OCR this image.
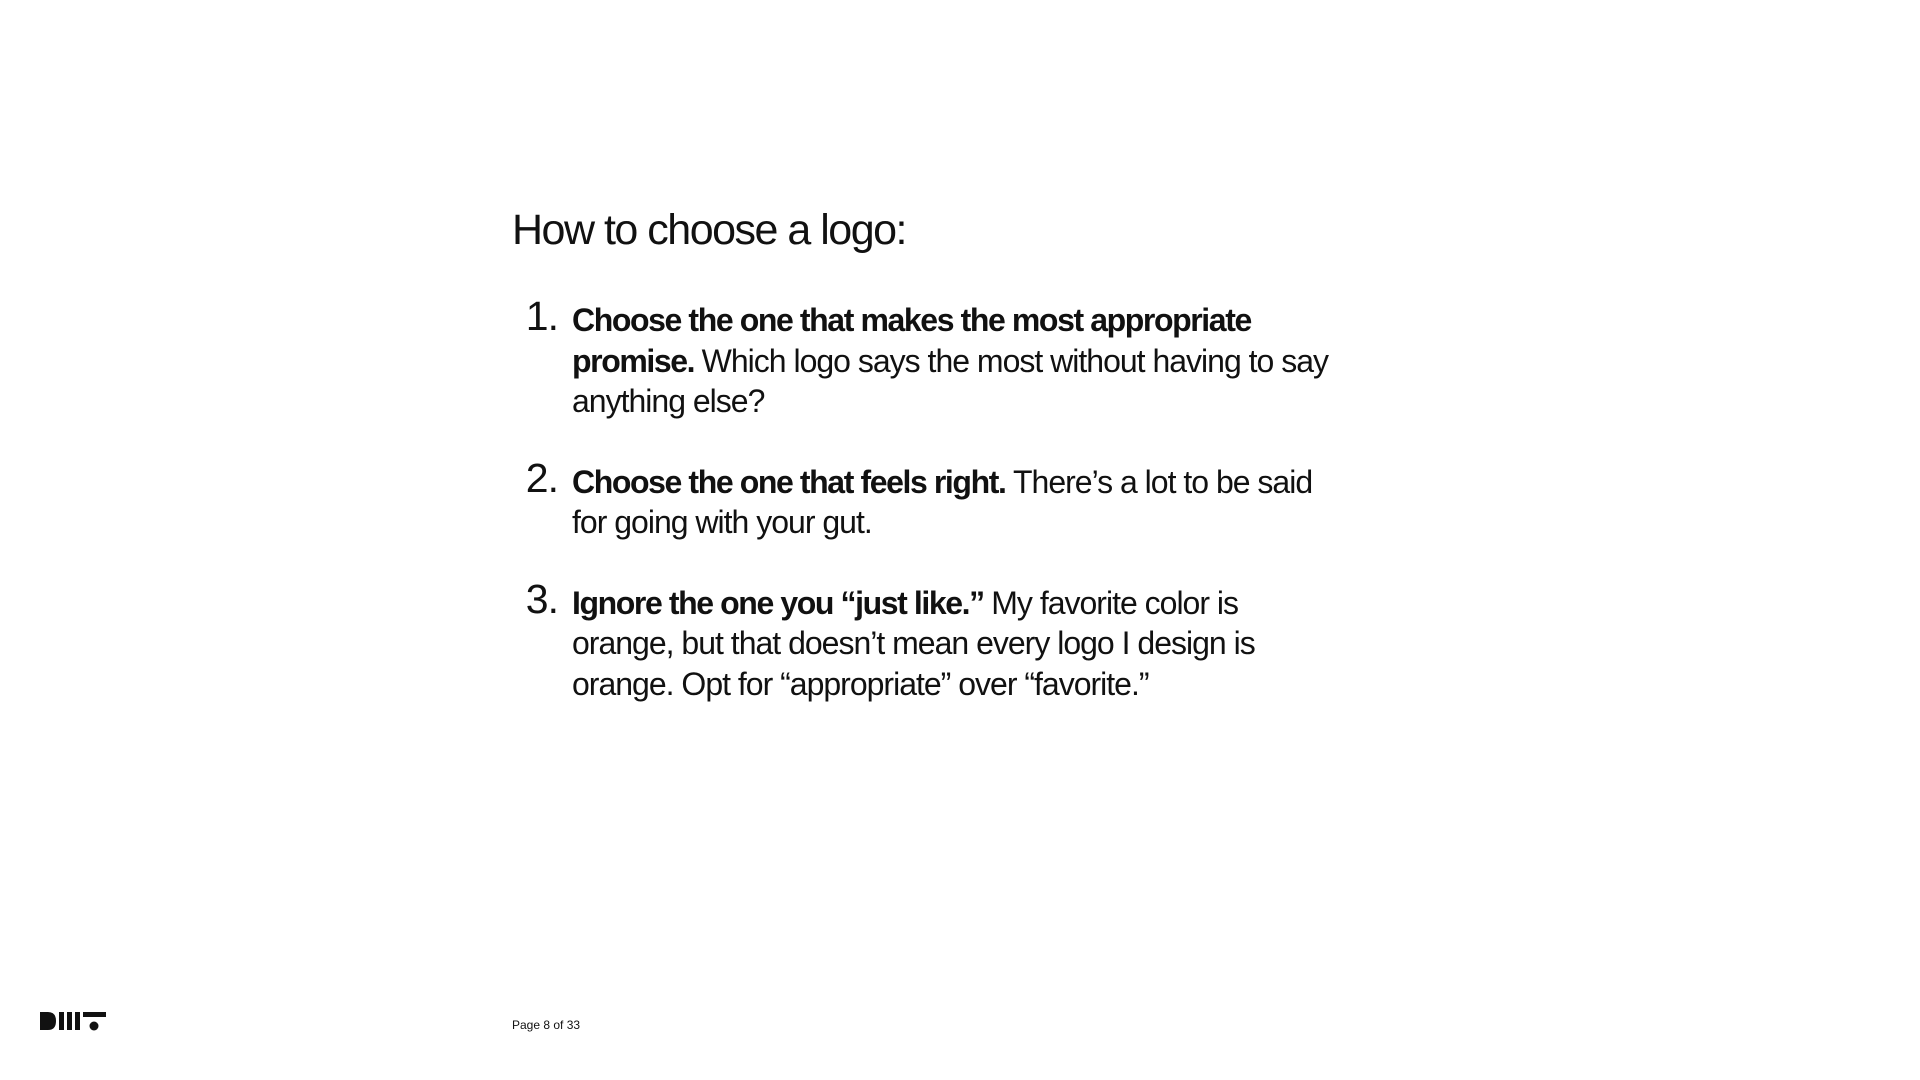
How to choose a logo:
1. Choose the one that makes the most appropriate promise. Which logo says the most without having to say anything else?
2. Choose the one that feels right. There’s a lot to be said for going with your gut.
3. Ignore the one you “just like.” My favorite color is orange, but that doesn’t mean every logo I design is orange. Opt for “appropriate” over “favorite.”
Page 8 of 33
